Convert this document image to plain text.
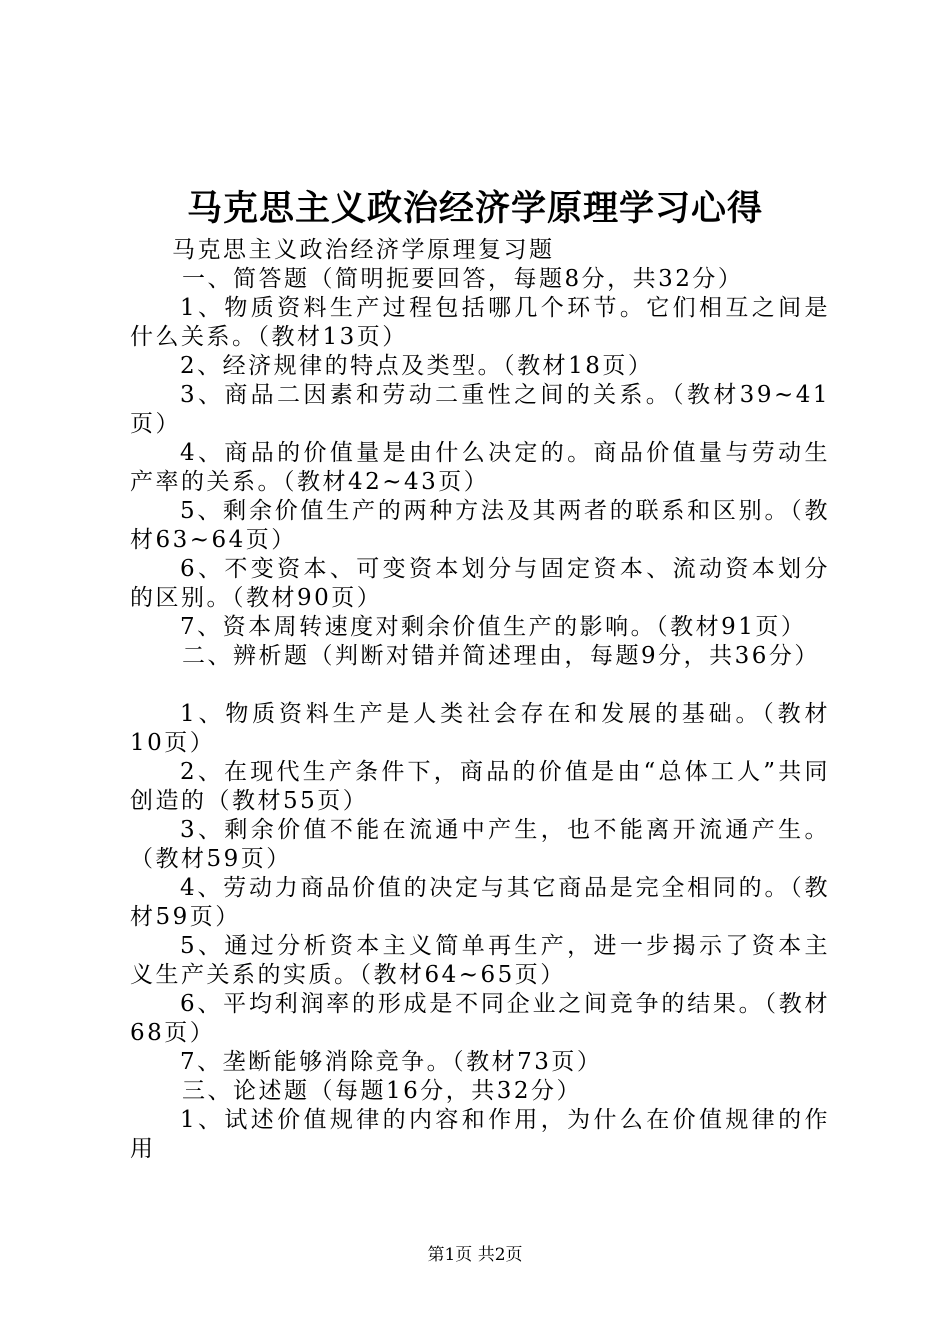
马克思主义政治经济学原理学习心得

马克思主义政治经济学原理复习题

一、简答题（简明扼要回答，每题8分，共32分）

1、物质资料生产过程包括哪几个环节。它们相互之间是什么关系。（教材13页）

2、经济规律的特点及类型。（教材18页）

3、商品二因素和劳动二重性之间的关系。（教材39~41页）

4、商品的价值量是由什么决定的。商品价值量与劳动生产率的关系。（教材42~43页）

5、剩余价值生产的两种方法及其两者的联系和区别。（教材63~64页）

6、不变资本、可变资本划分与固定资本、流动资本划分的区别。（教材90页）

7、资本周转速度对剩余价值生产的影响。（教材91页）

二、辨析题（判断对错并简述理由，每题9分，共36分）

1、物质资料生产是人类社会存在和发展的基础。（教材10页）

2、在现代生产条件下，商品的价值是由“总体工人”共同创造的（教材55页）

3、剩余价值不能在流通中产生，也不能离开流通产生。（教材59页）

4、劳动力商品价值的决定与其它商品是完全相同的。（教材59页）

5、通过分析资本主义简单再生产，进一步揭示了资本主义生产关系的实质。（教材64~65页）

6、平均利润率的形成是不同企业之间竞争的结果。（教材68页）

7、垄断能够消除竞争。（教材73页）

三、论述题（每题16分，共32分）

1、试述价值规律的内容和作用，为什么在价值规律的作用

第1页 共2页
